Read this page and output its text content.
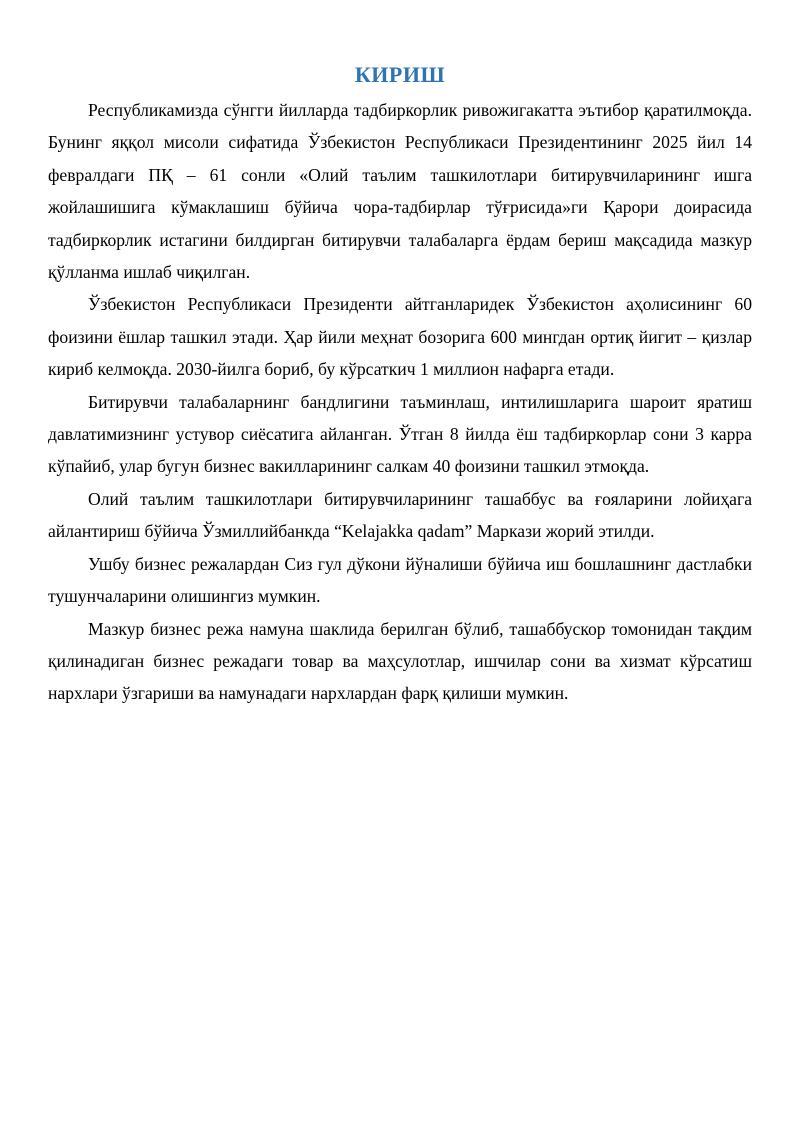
КИРИШ

Республикамизда сўнгги йилларда тадбиркорлик ривожигакатта эътибор қаратилмоқда. Бунинг яққол мисоли сифатида Ўзбекистон Республикаси Президентининг 2025 йил 14 февралдаги ПҚ – 61 сонли «Олий таълим ташкилотлари битирувчиларининг ишга жойлашишига кўмаклашиш бўйича чора-тадбирлар тўғрисида»ги Қарори доирасида тадбиркорлик истагини билдирган битирувчи талабаларга ёрдам бериш мақсадида мазкур қўлланма ишлаб чиқилган.

Ўзбекистон Республикаси Президенти айтганларидек Ўзбекистон аҳолисининг 60 фоизини ёшлар ташкил этади. Ҳар йили меҳнат бозорига 600 мингдан ортиқ йигит – қизлар кириб келмоқда. 2030-йилга бориб, бу кўрсаткич 1 миллион нафарга етади.

Битирувчи талабаларнинг бандлигини таъминлаш, интилишларига шароит яратиш давлатимизнинг устувор сиёсатига айланган. Ўтган 8 йилда ёш тадбиркорлар сони 3 карра кўпайиб, улар бугун бизнес вакилларининг салкам 40 фоизини ташкил этмоқда.

Олий таълим ташкилотлари битирувчиларининг ташаббус ва ғояларини лойиҳага айлантириш бўйича Ўзмиллийбанкда “Kelajakka qadam” Маркази жорий этилди.

Ушбу бизнес режалардан Сиз гул дўкони йўналиши бўйича иш бошлашнинг дастлабки тушунчаларини олишингиз мумкин.

Мазкур бизнес режа намуна шаклида берилган бўлиб, ташаббускор томонидан тақдим қилинадиган бизнес режадаги товар ва маҳсулотлар, ишчилар сони ва хизмат кўрсатиш нархлари ўзгариши ва намунадаги нархлардан фарқ қилиши мумкин.
